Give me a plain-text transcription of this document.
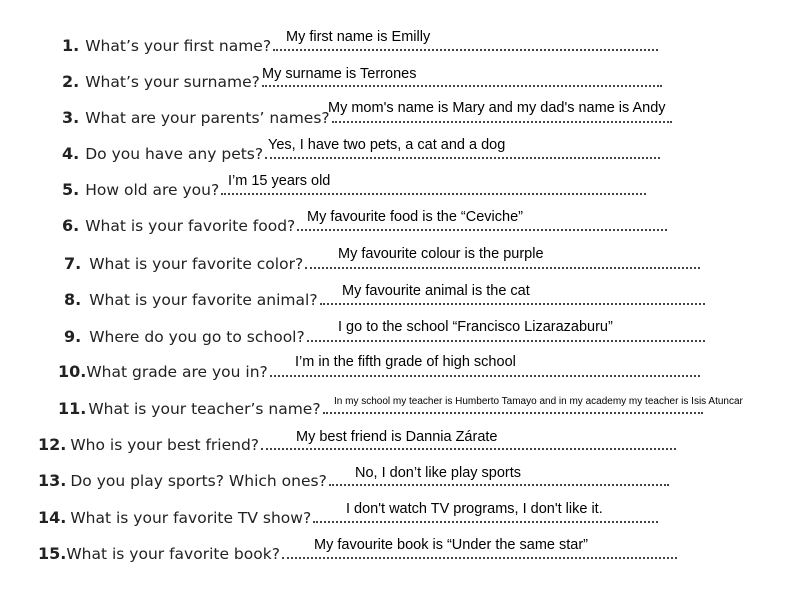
1. What’s your first name? My first name is Emilly
2. What’s your surname? My surname is Terrones
3. What are your parents’ names?
My mom's name is Mary and my dad's name is Andy
4. Do you have any pets? Yes, I have two pets, a cat and a dog
5. How old are you? I’m 15 years old
6. What is your favorite food? My favourite food is the “Ceviche”
7. What is your favorite color?
My favourite colour is the purple
8. What is your favorite animal? My favourite animal is the cat
9. Where do you go to school?
I go to the school “Francisco Lizarazaburu”
10. What grade are you in?
I’m in the fifth grade of high school
11. What is your teacher’s name? In my school my teacher is Humberto Tamayo and in my academy my teacher is Isis Atuncar
12. Who is your best friend?	My best friend is Dannia Zárate
13. Do you play sports? Which ones? No, I don’t like play sports
14. What is your favorite TV show? I don't watch TV programs, I don't like it.
15. What is your favorite book? My favourite book is “Under the same star”
